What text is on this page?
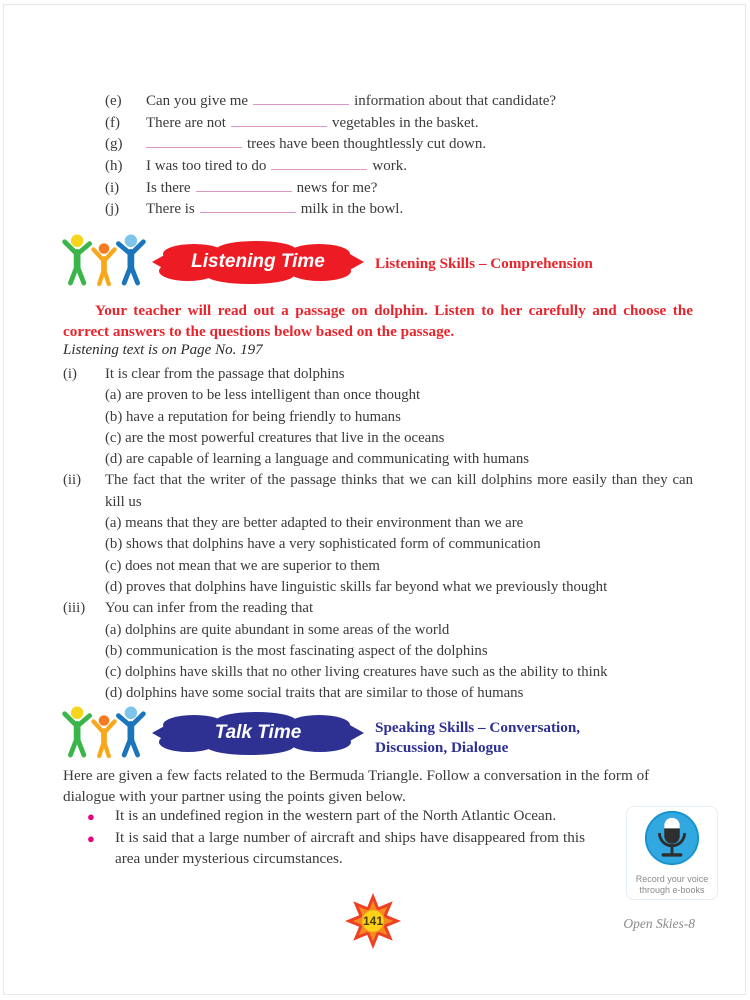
(e)	Can you give me	information about that candidate?
(f)	There are not	vegetables in the basket.
(g)	trees have been thoughtlessly cut down.
(h)	I was too tired to do	work.
(i)	Is there	news for me?
(j)	There is	milk in the bowl.
Listening Time	Listening Skills – Comprehension
Your teacher will read out a passage on dolphin. Listen to her carefully and choose the correct answers to the questions below based on the passage.
Listening text is on Page No. 197
(i)	It is clear from the passage that dolphins
(a) are proven to be less intelligent than once thought
(b) have a reputation for being friendly to humans
(c) are the most powerful creatures that live in the oceans
(d) are capable of learning a language and communicating with humans
(ii)	The fact that the writer of the passage thinks that we can kill dolphins more easily than they can kill us
(a) means that they are better adapted to their environment than we are
(b) shows that dolphins have a very sophisticated form of communication
(c) does not mean that we are superior to them
(d) proves that dolphins have linguistic skills far beyond what we previously thought
(iii)	You can infer from the reading that
(a) dolphins are quite abundant in some areas of the world
(b) communication is the most fascinating aspect of the dolphins
(c) dolphins have skills that no other living creatures have such as the ability to think
(d) dolphins have some social traits that are similar to those of humans
Talk Time	Speaking Skills – Conversation, Discussion, Dialogue
Here are given a few facts related to the Bermuda Triangle. Follow a conversation in the form of dialogue with your partner using the points given below.
●	It is an undefined region in the western part of the North Atlantic Ocean.
●	It is said that a large number of aircraft and ships have disappeared from this area under mysterious circumstances.
Record your voice through e-books
141	Open Skies-8
